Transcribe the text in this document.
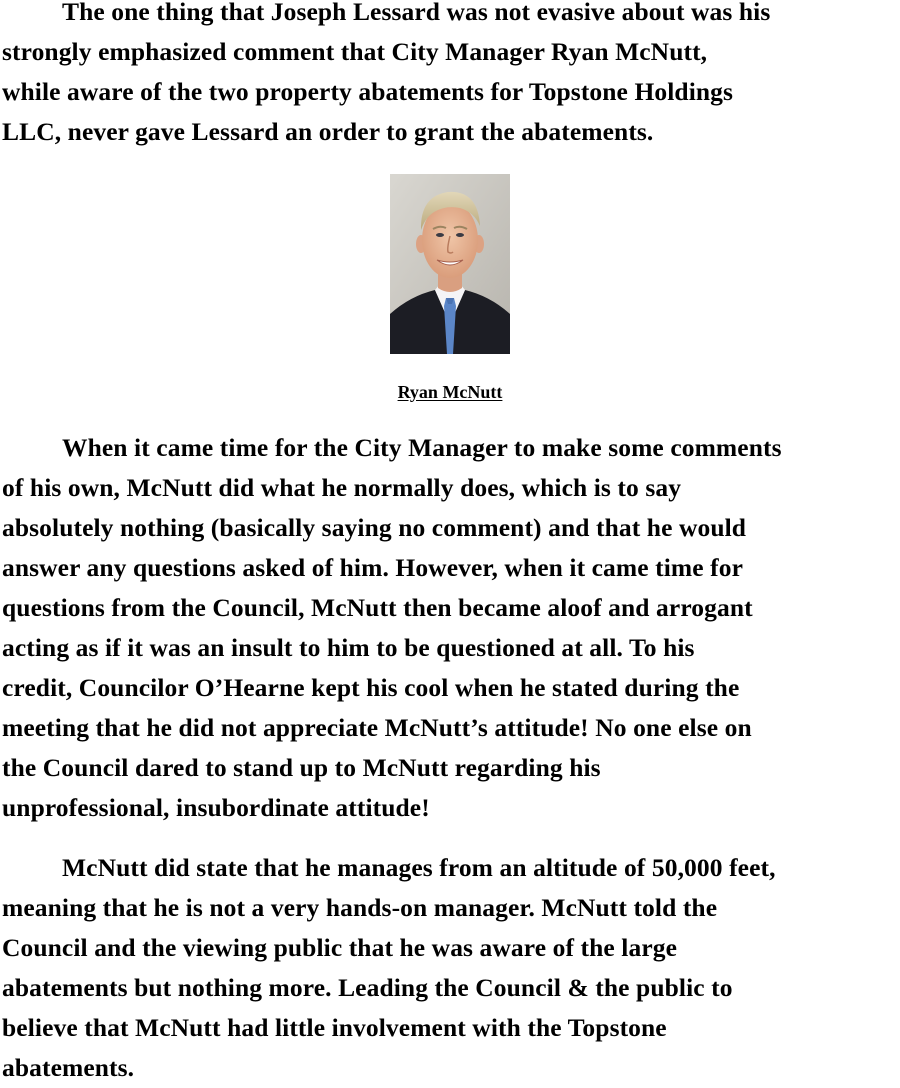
The one thing that Joseph Lessard was not evasive about was his
strongly emphasized comment that City Manager Ryan McNutt,
while aware of the two property abatements for Topstone Holdings
LLC, never gave Lessard an order to grant the abatements.

Ryan McNutt

When it came time for the City Manager to make some comments
of his own, McNutt did what he normally does, which is to say
absolutely nothing (basically saying no comment) and that he would
answer any questions asked of him. However, when it came time for
questions from the Council, McNutt then became aloof and arrogant
acting as if it was an insult to him to be questioned at all. To his
credit, Councilor O’Hearne kept his cool when he stated during the
meeting that he did not appreciate McNutt’s attitude! No one else on
the Council dared to stand up to McNutt regarding his
unprofessional, insubordinate attitude!

McNutt did state that he manages from an altitude of 50,000 feet,
meaning that he is not a very hands-on manager. McNutt told the
Council and the viewing public that he was aware of the large
abatements but nothing more. Leading the Council & the public to
believe that McNutt had little involvement with the Topstone
abatements.
